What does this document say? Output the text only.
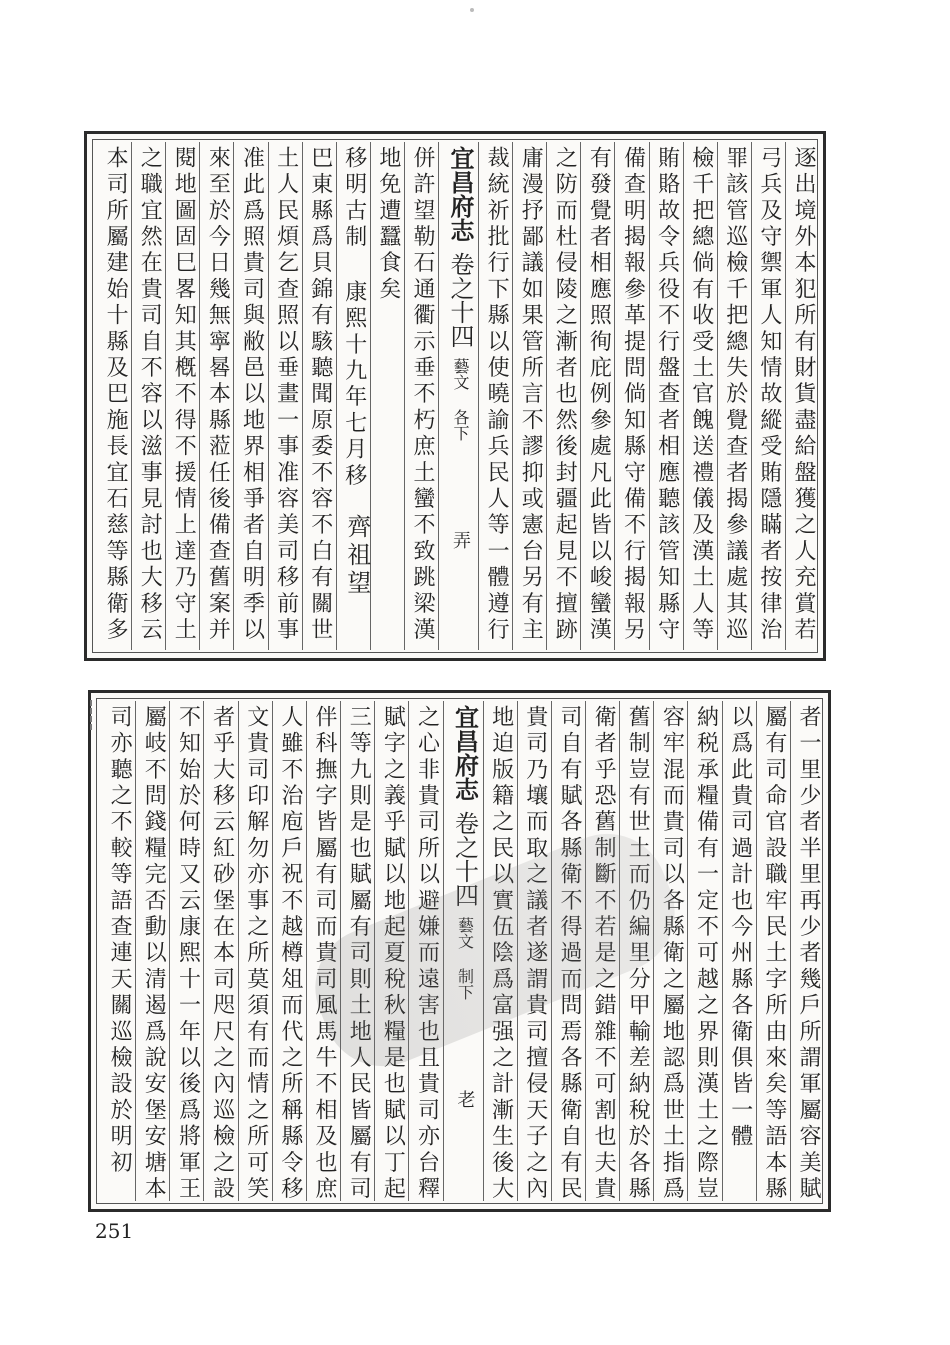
逐出境外本犯所有財貨盡給盤獲之人充賞若
弓兵及守禦軍人知情故縱受賄隱瞞者按律治
罪該管巡檢千把總失於覺查者揭參議處其巡
檢千把總倘有收受土官餽送禮儀及漢土人等
賄賂故令兵役不行盤查者相應聽該管知縣守
備查明揭報參革提問倘知縣守備不行揭報另
有發覺者相應照徇庇例參處凡此皆以峻蠻漢
之防而杜侵陵之漸者也然後封疆起見不擅跡
庸漫抒鄙議如果管所言不謬抑或憲台另有主
裁統祈批行下縣以使曉諭兵民人等一體遵行
宜昌府志卷之十四藝文 各下弄
併許望勒石通衢示垂不朽庶土蠻不致跳梁漢
地免遭蠶食矣
移明古制 康熙十九年七月移
巴東縣爲貝錦有駭聽聞原委不容不白有關世
土人民煩乞查照以垂畫一事准容美司移前事
准此爲照貴司與敝邑以地界相爭者自明季以
來至於今日幾無寧晷本縣蒞任後備查舊案并
閱地圖固巳畧知其槪不得不援情上達乃守土
之職宜然在貴司自不容以滋事見討也大移云
本司所屬建始十縣及巴施長宜石慈等縣衛多	齊祖望
者一里少者半里再少者幾戶所謂軍屬容美賦
屬有司命官設職牢民土字所由來矣等語本縣
以爲此貴司過計也今州縣各衛俱皆一體
納税承糧備有一定不可越之界則漢土之際豈
容牢混而貴司以各縣衛之屬地認爲世土指爲
舊制豈有世土而仍編里分甲輸差納稅於各縣
衛者乎恐舊制斷不若是之錯雜不可割也夫貴
司自有賦各縣衛不得過而問焉各縣衛自有民
貴司乃壤而取之議者遂謂貴司擅侵天子之內
地迫版籍之民以實伍陰爲富强之計漸生後大
宜昌府志卷之十四藝文 制下老
之心非貴司所以避嫌而遠害也且貴司亦台釋
賦字之義乎賦以地起夏稅秋糧是也賦以丁起
三等九則是也賦屬有司則土地人民皆屬有司
伴科撫字皆屬有司而貴司風馬牛不相及也庶
人雖不治庖戶祝不越樽俎而代之所稱縣令移
文貴司印解勿亦事之所莫須有而情之所可笑
者乎大移云紅砂堡在本司咫尺之內巡檢之設
不知始於何時又云康熙十一年以後爲將軍王
屬岐不問錢糧完否動以清遏爲說安堡安塘本
司亦聽之不較等語查連天關巡檢設於明初
251
